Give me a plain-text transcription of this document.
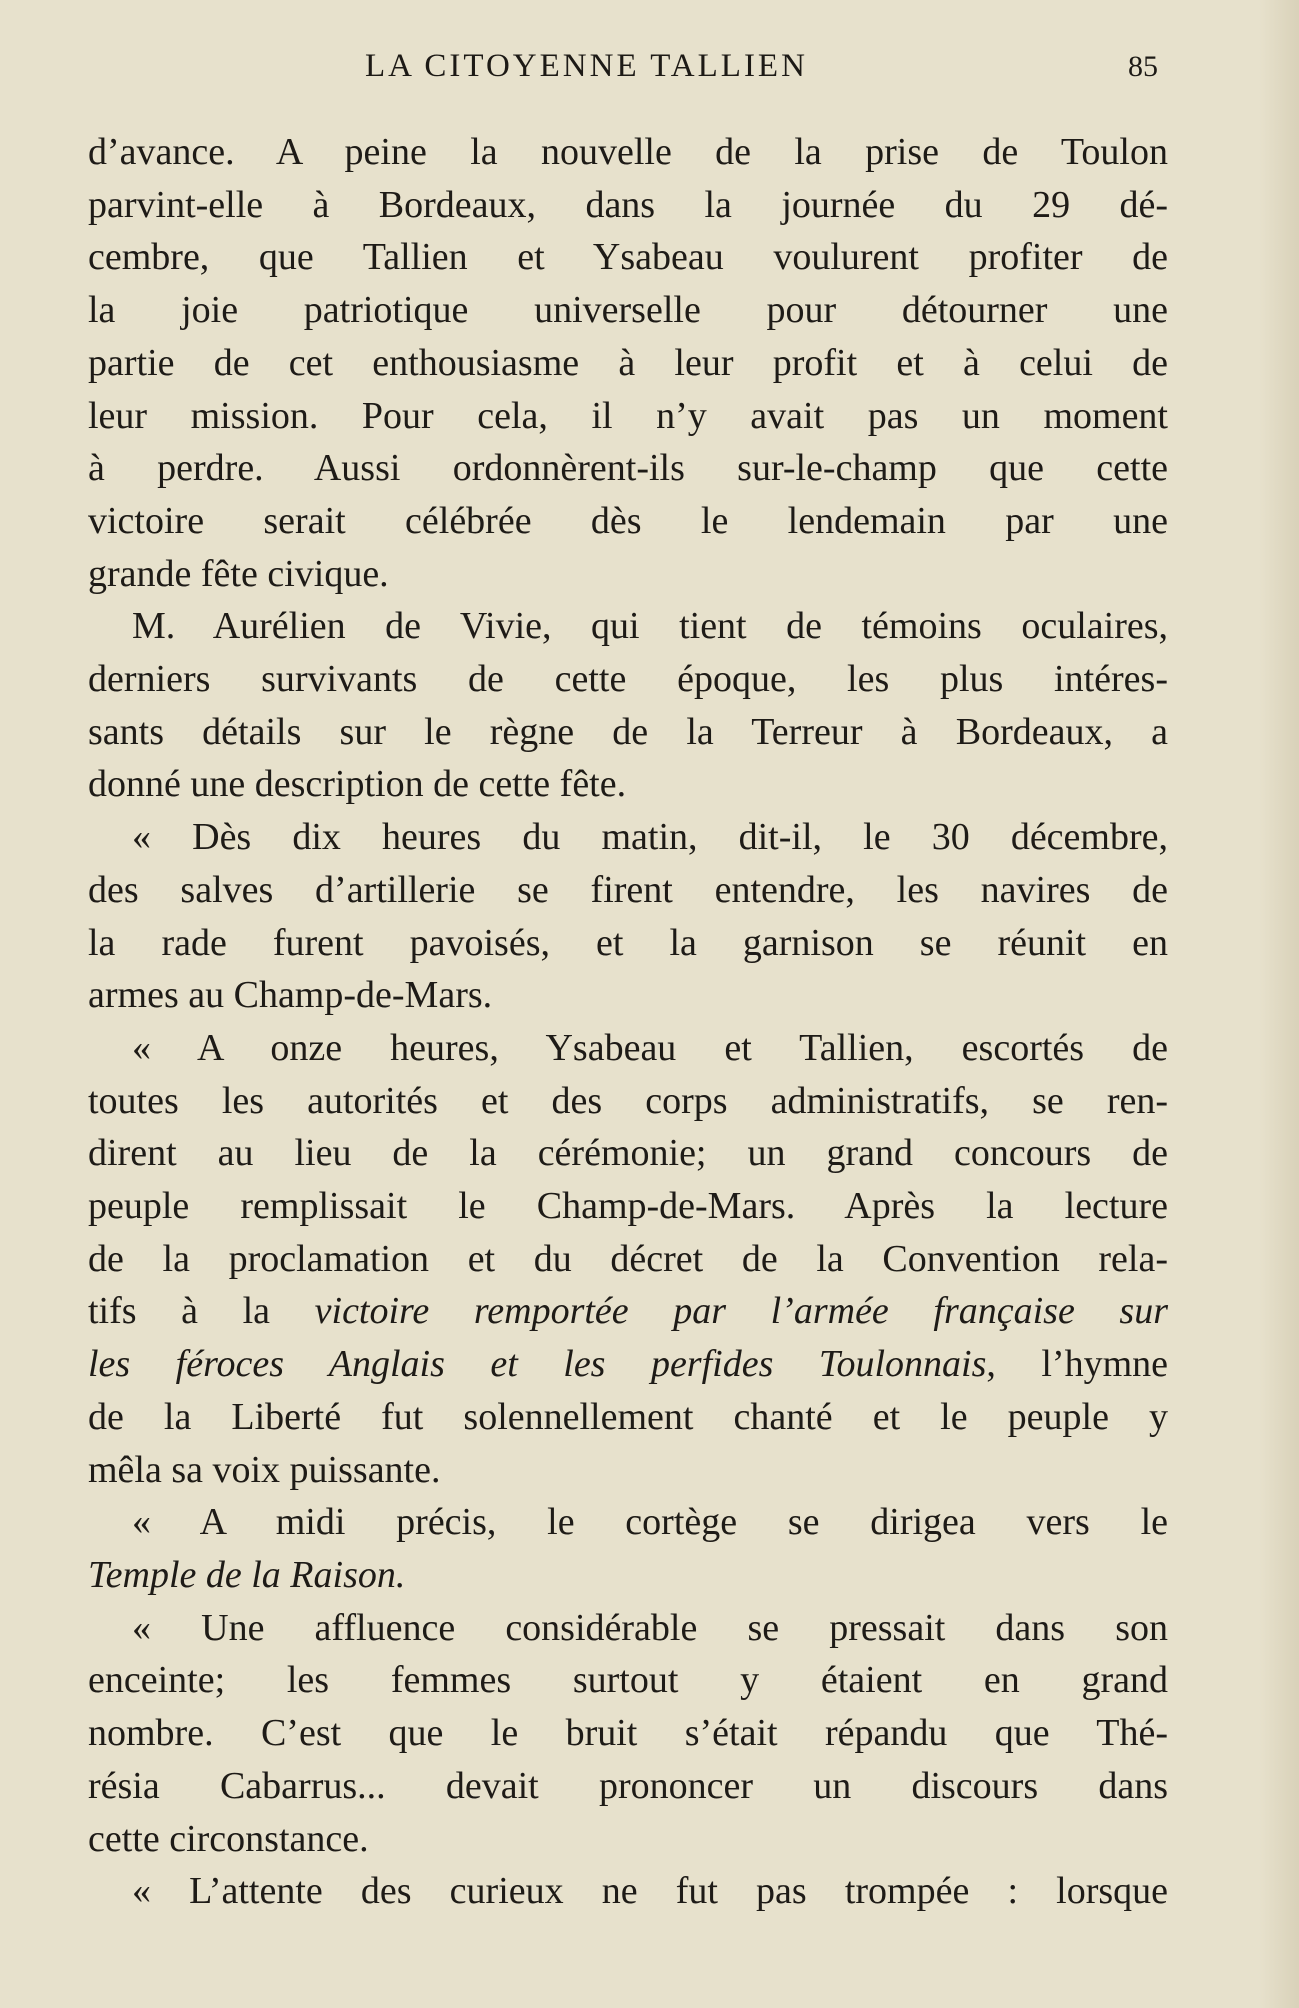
LA CITOYENNE TALLIEN	85

d’avance. A peine la nouvelle de la prise de Toulon
parvint-elle à Bordeaux, dans la journée du 29 dé-
cembre, que Tallien et Ysabeau voulurent profiter de
la joie patriotique universelle pour détourner une
partie de cet enthousiasme à leur profit et à celui de
leur mission. Pour cela, il n’y avait pas un moment
à perdre. Aussi ordonnèrent-ils sur-le-champ que cette
victoire serait célébrée dès le lendemain par une
grande fête civique.

M. Aurélien de Vivie, qui tient de témoins oculaires,
derniers survivants de cette époque, les plus intéres-
sants détails sur le règne de la Terreur à Bordeaux, a
donné une description de cette fête.

« Dès dix heures du matin, dit-il, le 30 décembre,
des salves d’artillerie se firent entendre, les navires de
la rade furent pavoisés, et la garnison se réunit en
armes au Champ-de-Mars.

« A onze heures, Ysabeau et Tallien, escortés de
toutes les autorités et des corps administratifs, se ren-
dirent au lieu de la cérémonie; un grand concours de
peuple remplissait le Champ-de-Mars. Après la lecture
de la proclamation et du décret de la Convention rela-
tifs à la victoire remportée par l’armée française sur
les féroces Anglais et les perfides Toulonnais, l’hymne
de la Liberté fut solennellement chanté et le peuple y
mêla sa voix puissante.

« A midi précis, le cortège se dirigea vers le
Temple de la Raison.

« Une affluence considérable se pressait dans son
enceinte; les femmes surtout y étaient en grand
nombre. C’est que le bruit s’était répandu que Thé-
résia Cabarrus... devait prononcer un discours dans
cette circonstance.

« L’attente des curieux ne fut pas trompée : lorsque
